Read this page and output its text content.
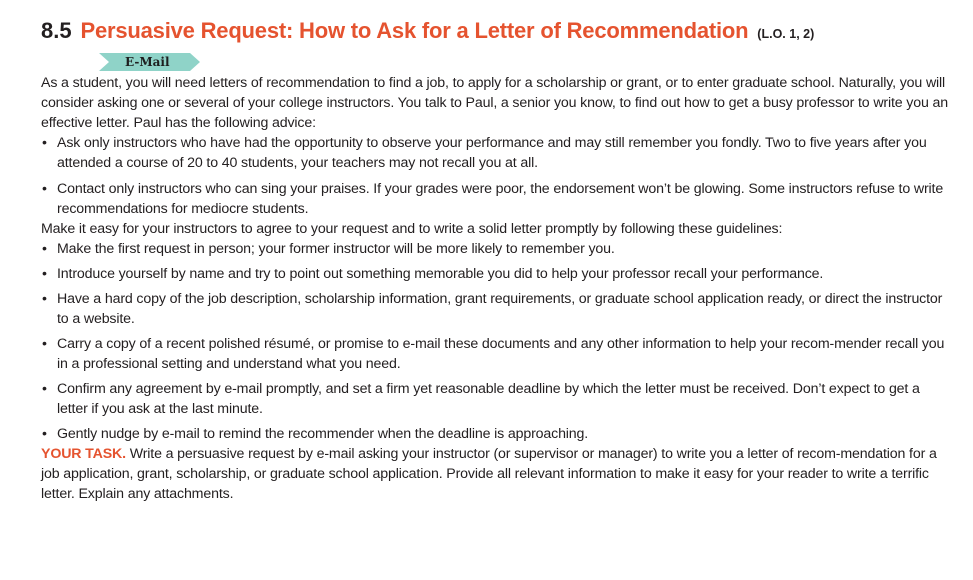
8.5 Persuasive Request: How to Ask for a Letter of Recommendation (L.O. 1, 2)
E-Mail

As a student, you will need letters of recommendation to find a job, to apply for a scholarship or grant, or to enter graduate school. Naturally, you will consider asking one or several of your college instructors. You talk to Paul, a senior you know, to find out how to get a busy professor to write you an effective letter. Paul has the following advice:

• Ask only instructors who have had the opportunity to observe your performance and may still remember you fondly. Two to five years after you attended a course of 20 to 40 students, your teachers may not recall you at all.
• Contact only instructors who can sing your praises. If your grades were poor, the endorsement won’t be glowing. Some instructors refuse to write recommendations for mediocre students.

Make it easy for your instructors to agree to your request and to write a solid letter promptly by following these guidelines:

• Make the first request in person; your former instructor will be more likely to remember you.
• Introduce yourself by name and try to point out something memorable you did to help your professor recall your performance.
• Have a hard copy of the job description, scholarship information, grant requirements, or graduate school application ready, or direct the instructor to a website.
• Carry a copy of a recent polished résumé, or promise to e-mail these documents and any other information to help your recom-mender recall you in a professional setting and understand what you need.
• Confirm any agreement by e-mail promptly, and set a firm yet reasonable deadline by which the letter must be received. Don’t expect to get a letter if you ask at the last minute.
• Gently nudge by e-mail to remind the recommender when the deadline is approaching.

YOUR TASK. Write a persuasive request by e-mail asking your instructor (or supervisor or manager) to write you a letter of recom-mendation for a job application, grant, scholarship, or graduate school application. Provide all relevant information to make it easy for your reader to write a terrific letter. Explain any attachments.
